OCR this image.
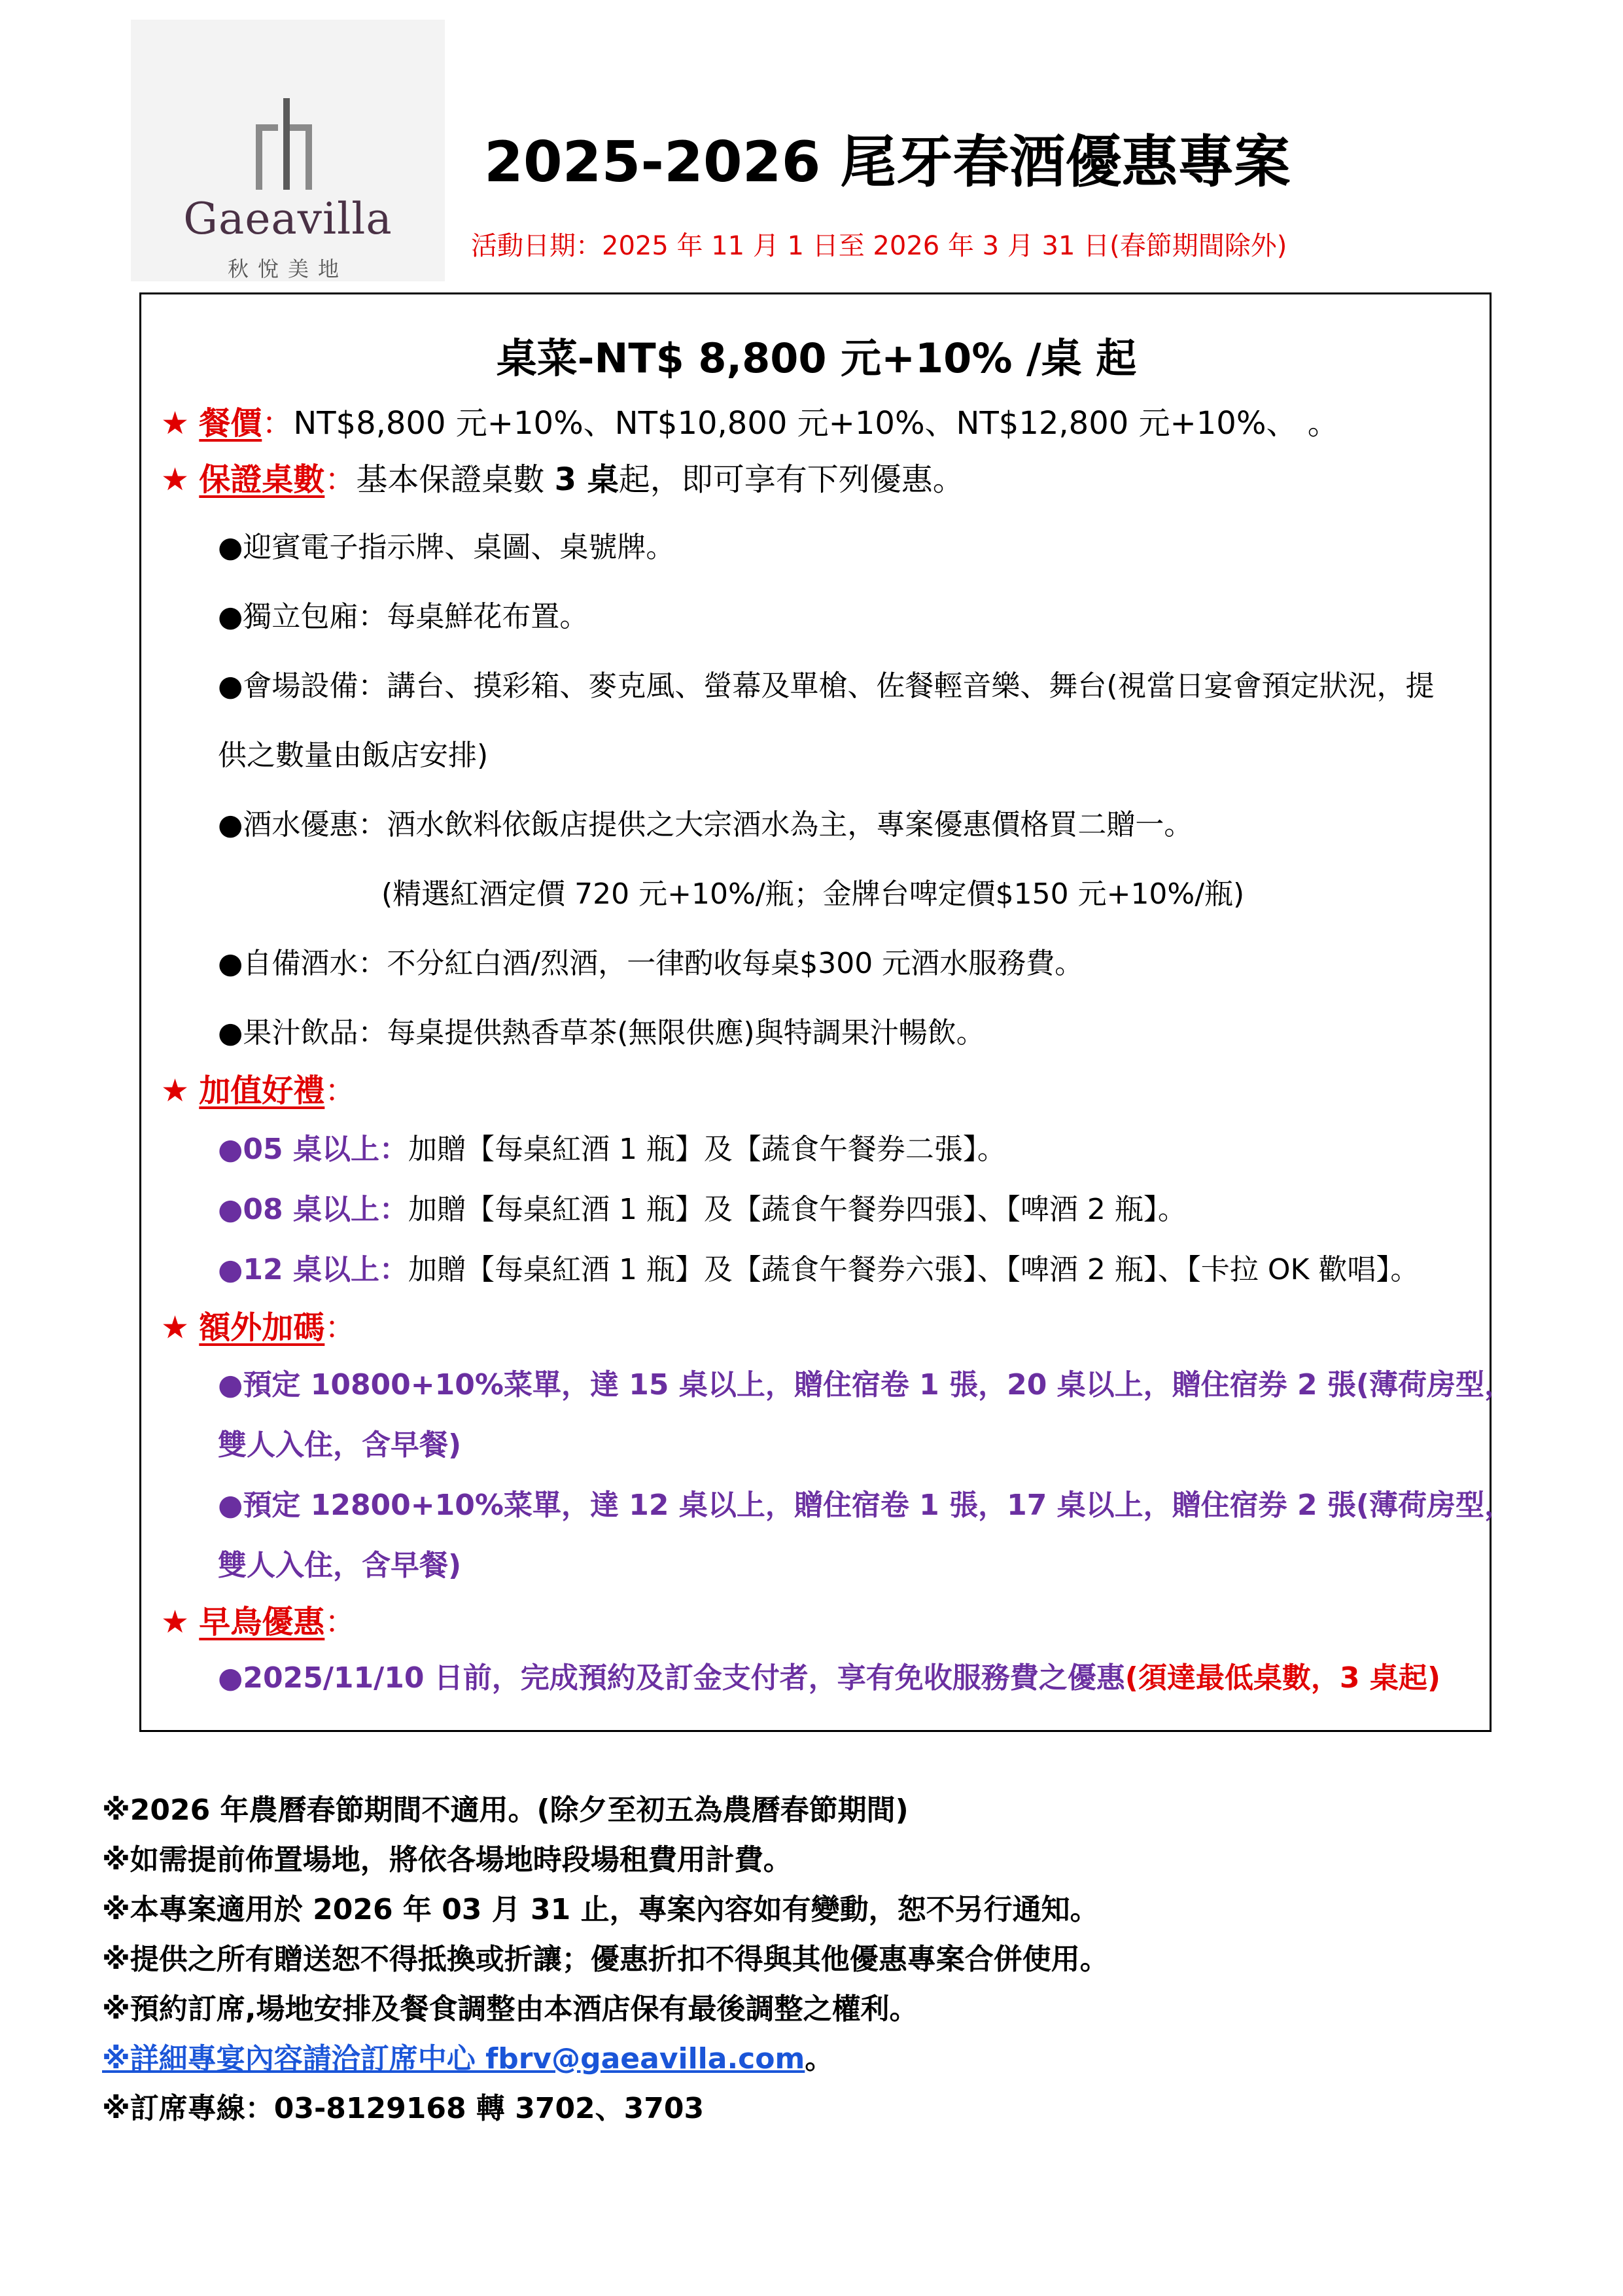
Gaeavilla
秋悅美地
2025-2026 尾牙春酒優惠專案
活動日期：2025 年 11 月 1 日至 2026 年 3 月 31 日(春節期間除外)
桌菜-NT$ 8,800 元+10% /桌 起
★ 餐價：NT$8,800 元+10%、NT$10,800 元+10%、NT$12,800 元+10%、 。
★ 保證桌數：基本保證桌數 3 桌起，即可享有下列優惠。
●迎賓電子指示牌、桌圖、桌號牌。
●獨立包廂：每桌鮮花布置。
●會場設備：講台、摸彩箱、麥克風、螢幕及單槍、佐餐輕音樂、舞台(視當日宴會預定狀況，提
供之數量由飯店安排)
●酒水優惠：酒水飲料依飯店提供之大宗酒水為主，專案優惠價格買二贈一。
(精選紅酒定價 720 元+10%/瓶；金牌台啤定價$150 元+10%/瓶)
●自備酒水：不分紅白酒/烈酒，一律酌收每桌$300 元酒水服務費。
●果汁飲品：每桌提供熱香草茶(無限供應)與特調果汁暢飲。
★ 加值好禮：
●05 桌以上：加贈【每桌紅酒 1 瓶】及【蔬食午餐券二張】。
●08 桌以上：加贈【每桌紅酒 1 瓶】及【蔬食午餐券四張】、【啤酒 2 瓶】。
●12 桌以上：加贈【每桌紅酒 1 瓶】及【蔬食午餐券六張】、【啤酒 2 瓶】、【卡拉 OK 歡唱】。
★ 額外加碼：
●預定 10800+10%菜單，達 15 桌以上，贈住宿卷 1 張，20 桌以上，贈住宿券 2 張(薄荷房型，
雙人入住，含早餐)
●預定 12800+10%菜單，達 12 桌以上，贈住宿卷 1 張，17 桌以上，贈住宿券 2 張(薄荷房型，
雙人入住，含早餐)
★ 早鳥優惠：
●2025/11/10 日前，完成預約及訂金支付者，享有免收服務費之優惠(須達最低桌數，3 桌起)
※2026 年農曆春節期間不適用。(除夕至初五為農曆春節期間)
※如需提前佈置場地，將依各場地時段場租費用計費。
※本專案適用於 2026 年 03 月 31 止，專案內容如有變動，恕不另行通知。
※提供之所有贈送恕不得抵換或折讓；優惠折扣不得與其他優惠專案合併使用。
※預約訂席,場地安排及餐食調整由本酒店保有最後調整之權利。
※詳細專宴內容請洽訂席中心 fbrv@gaeavilla.com。
※訂席專線：03-8129168 轉 3702、3703
